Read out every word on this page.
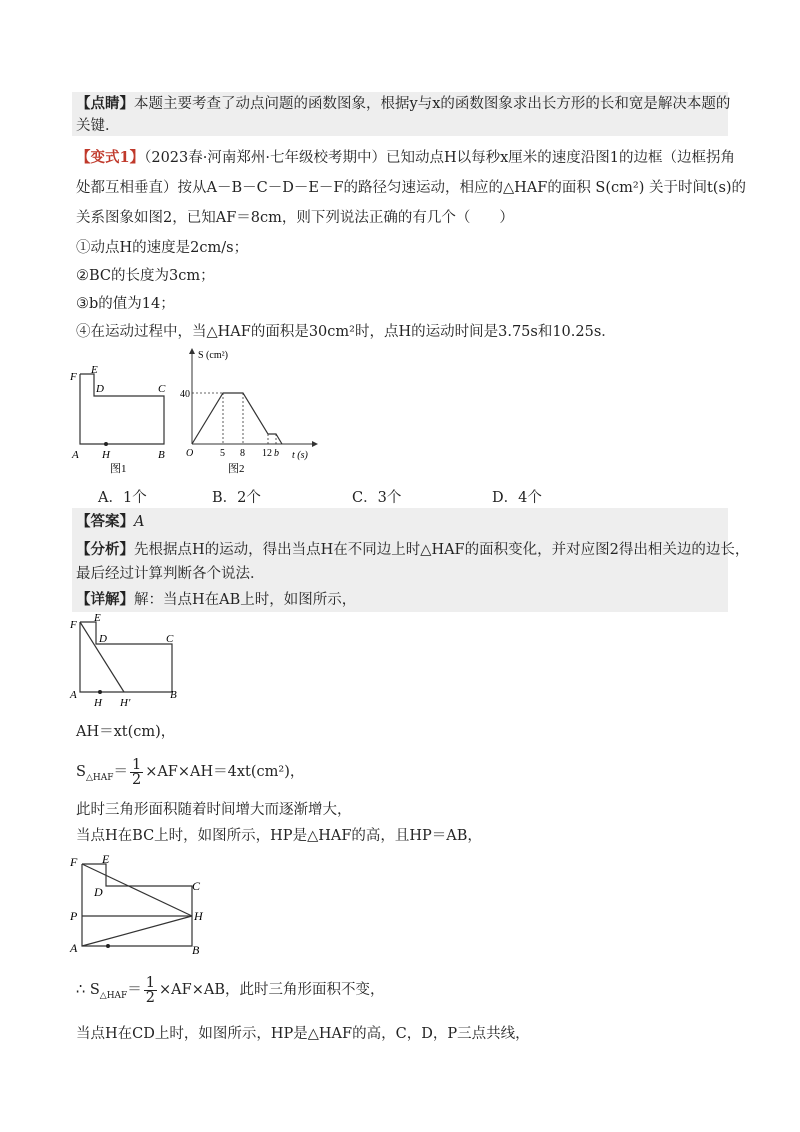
【点睛】本题主要考查了动点问题的函数图象，根据y与x的函数图象求出长方形的长和宽是解决本题的
关键．
【变式1】（2023春·河南郑州·七年级校考期中）已知动点H以每秒x厘米的速度沿图1的边框（边框拐角
处都互相垂直）按从A－B－C－D－E－F的路径匀速运动，相应的△HAF的面积 S(cm²) 关于时间t(s)的
关系图象如图2，已知AF＝8cm，则下列说法正确的有几个（　　）
①动点H的速度是2cm/s；
②BC的长度为3cm；
③b的值为14；
④在运动过程中，当△HAF的面积是30cm²时，点H的运动时间是3.75s和10.25s．
F
E
D	C
A H	B
图1
S (cm²)
40
O	5 8 12 b t (s)
图2
A．1个	B．2个	C．3个	D．4个
【答案】A
【分析】先根据点H的运动，得出当点H在不同边上时△HAF的面积变化，并对应图2得出相关边的边长，
最后经过计算判断各个说法．
【详解】解：当点H在AB上时，如图所示，
F
E
D	C
A
H H'
B
AH＝xt(cm)，
$S_{\triangle HAF}= \frac{1}{2} \times AF\times AH=4xt(cm^2)$，
此时三角形面积随着时间增大而逐渐增大，
当点H在BC上时，如图所示，HP是△HAF的高，且HP＝AB，
F E
D	C
P	H
A	B
∴ $S_{\triangle HAF}= \frac{1}{2} \times AF\times AB$，此时三角形面积不变，
当点H在CD上时，如图所示，HP是△HAF的高，C，D，P三点共线，
